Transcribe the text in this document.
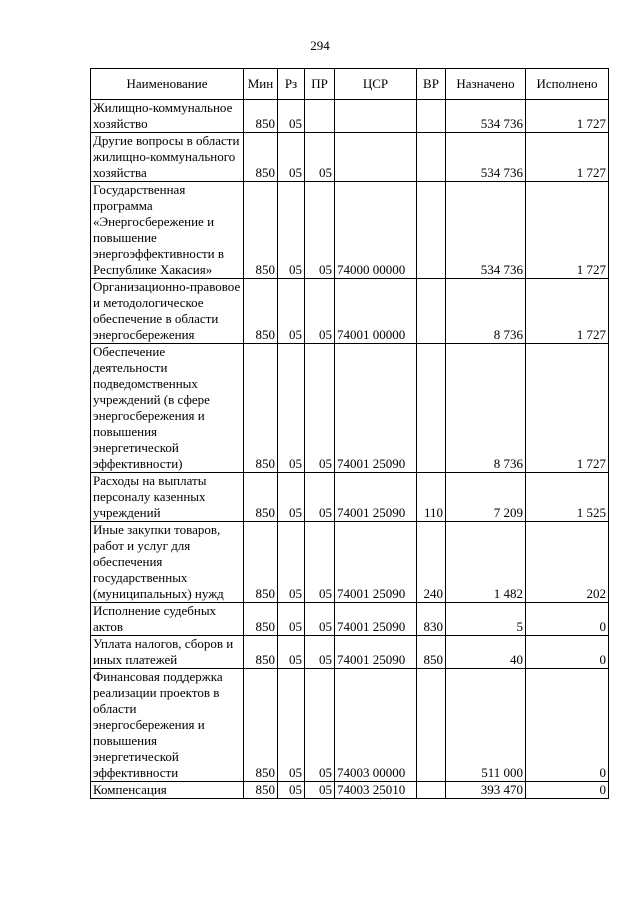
294
Наименование	Мин	Рз	ПР	ЦСР	ВР	Назначено	Исполнено
Жилищно-коммунальное хозяйство	850	05				534 736	1 727
Другие вопросы в области жилищно-коммунального хозяйства	850	05	05			534 736	1 727
Государственная программа «Энергосбережение и повышение энергоэффективности в Республике Хакасия»	850	05	05	74000 00000		534 736	1 727
Организационно-правовое и методологическое обеспечение в области энергосбережения	850	05	05	74001 00000		8 736	1 727
Обеспечение деятельности подведомственных учреждений (в сфере энергосбережения и повышения энергетической эффективности)	850	05	05	74001 25090		8 736	1 727
Расходы на выплаты персоналу казенных учреждений	850	05	05	74001 25090	110	7 209	1 525
Иные закупки товаров, работ и услуг для обеспечения государственных (муниципальных) нужд	850	05	05	74001 25090	240	1 482	202
Исполнение судебных актов	850	05	05	74001 25090	830	5	0
Уплата налогов, сборов и иных платежей	850	05	05	74001 25090	850	40	0
Финансовая поддержка реализации проектов в области энергосбережения и повышения энергетической эффективности	850	05	05	74003 00000		511 000	0
Компенсация	850	05	05	74003 25010		393 470	0
